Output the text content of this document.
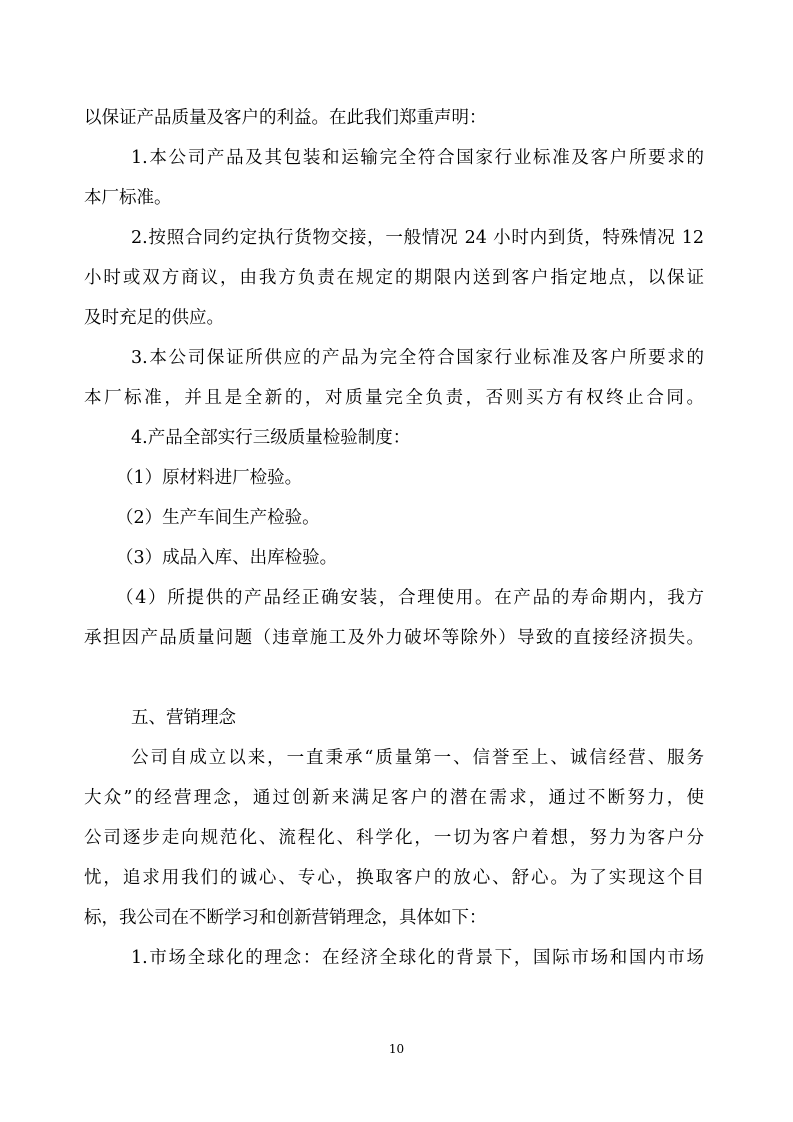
以保证产品质量及客户的利益。在此我们郑重声明：
1.本公司产品及其包装和运输完全符合国家行业标准及客户所要求的
本厂标准。
2.按照合同约定执行货物交接，一般情况 24 小时内到货，特殊情况 12
小时或双方商议，由我方负责在规定的期限内送到客户指定地点，以保证
及时充足的供应。
3.本公司保证所供应的产品为完全符合国家行业标准及客户所要求的
本厂标准，并且是全新的，对质量完全负责，否则买方有权终止合同。
4.产品全部实行三级质量检验制度：
（1）原材料进厂检验。
（2）生产车间生产检验。
（3）成品入库、出库检验。
（4）所提供的产品经正确安装，合理使用。在产品的寿命期内，我方
承担因产品质量问题（违章施工及外力破坏等除外）导致的直接经济损失。
五、营销理念
公司自成立以来，一直秉承“质量第一、信誉至上、诚信经营、服务
大众”的经营理念，通过创新来满足客户的潜在需求，通过不断努力，使
公司逐步走向规范化、流程化、科学化，一切为客户着想，努力为客户分
忧，追求用我们的诚心、专心，换取客户的放心、舒心。为了实现这个目
标，我公司在不断学习和创新营销理念，具体如下：
1.市场全球化的理念：在经济全球化的背景下，国际市场和国内市场
10
